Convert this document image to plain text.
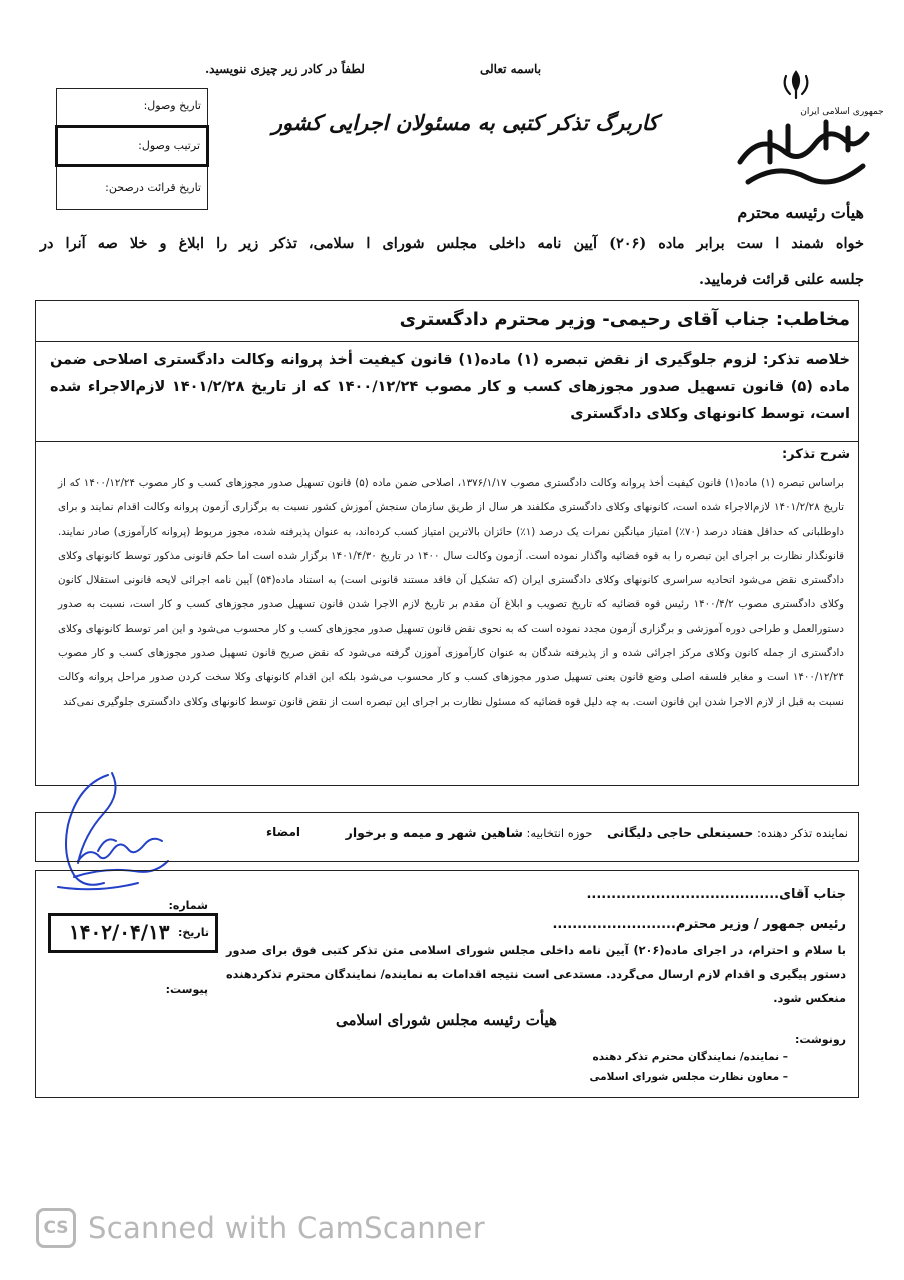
جمهوری اسلامی ایران
باسمه تعالی
لطفاً در کادر زیر چیزی ننویسید.
کاربرگ تذکر کتبی به مسئولان اجرایی کشور
تاریخ وصول:
ترتیب وصول:
تاریخ قرائت درصحن:
هیأت رئیسه محترم
خواه شمند ا ست برابر ماده (۲۰۶) آیین نامه داخلی مجلس شورای ا سلامی، تذکر زیر را ابلاغ و خلا صه آنرا در
جلسه علنی قرائت فرمایید.
مخاطب: جناب آقای رحیمی- وزیر محترم دادگستری
خلاصه تذکر: لزوم جلوگیری از نقض تبصره (۱) ماده(۱) قانون کیفیت أخذ پروانه وکالت دادگستری اصلاحی ضمن ماده (۵) قانون تسهیل صدور مجوزهای کسب و کار مصوب ۱۴۰۰/۱۲/۲۴ که از تاریخ ۱۴۰۱/۲/۲۸ لازم‌الاجراء شده است، توسط کانونهای وکلای دادگستری
شرح تذکر:
براساس تبصره (۱) ماده(۱) قانون کیفیت أخذ پروانه وکالت دادگستری مصوب ۱۳۷۶/۱/۱۷، اصلاحی ضمن ماده (۵) قانون تسهیل صدور مجوزهای کسب و کار مصوب ۱۴۰۰/۱۲/۲۴ که از تاریخ ۱۴۰۱/۲/۲۸ لازم‌الاجراء شده است، کانونهای وکلای دادگستری مکلفند هر سال از طریق سازمان سنجش آموزش کشور نسبت به برگزاری آزمون پروانه وکالت اقدام نمایند و برای داوطلبانی که حداقل هفتاد درصد (۷۰٪) امتیاز میانگین نمرات یک درصد (۱٪) حائزان بالاترین امتیاز کسب کرده‌اند، به عنوان پذیرفته شده، مجوز مربوط (پروانه کارآموزی) صادر نمایند. قانونگذار نظارت بر اجرای این تبصره را به قوه قضائیه واگذار نموده است. آزمون وکالت سال ۱۴۰۰ در تاریخ ۱۴۰۱/۴/۳۰ برگزار شده است اما حکم قانونی مذکور توسط کانونهای وکلای دادگستری نقض می‌شود اتحادیه سراسری کانونهای وکلای دادگستری ایران (که تشکیل آن فاقد مستند قانونی است) به استناد ماده(۵۴) آیین نامه اجرائی لایحه قانونی استقلال کانون وکلای دادگستری مصوب ۱۴۰۰/۴/۲ رئیس قوه قضائیه که تاریخ تصویب و ابلاغ آن مقدم بر تاریخ لازم الاجرا شدن قانون تسهیل صدور مجوزهای کسب و کار است، نسبت به صدور دستورالعمل و طراحی دوره آموزشی و برگزاری آزمون مجدد نموده است که به نحوی نقض قانون تسهیل صدور مجوزهای کسب و کار محسوب می‌شود و این امر توسط کانونهای وکلای دادگستری از جمله کانون وکلای مرکز اجرائی شده و از پذیرفته شدگان به عنوان کارآموزی آموزن گرفته می‌شود که نقض صریح قانون تسهیل صدور مجوزهای کسب و کار مصوب ۱۴۰۰/۱۲/۲۴ است و مغایر فلسفه اصلی وضع قانون یعنی تسهیل صدور مجوزهای کسب و کار محسوب می‌شود بلکه این اقدام کانونهای وکلا سخت کردن صدور مراحل پروانه وکالت نسبت به قبل از لازم الاجرا شدن این قانون است. به چه دلیل قوه قضائیه که مسئول نظارت بر اجرای این تبصره است از نقض قانون توسط کانونهای وکلای دادگستری جلوگیری نمی‌کند
نماینده تذکر دهنده: حسینعلی حاجی دلیگانی    حوزه انتخابیه: شاهین شهر و میمه و برخوار
امضاء
شماره:
تاریخ:
۱۴۰۲/۰۴/۱۳
پیوست:
جناب آقای.......................................
رئیس جمهور / وزیر محترم.........................
با سلام و احترام، در اجرای ماده(۲۰۶) آیین نامه داخلی مجلس شورای اسلامی متن تذکر کتبی فوق برای صدور دستور پیگیری و اقدام لازم ارسال می‌گردد. مستدعی است نتیجه اقدامات به نماینده/ نمایندگان محترم تذکردهنده منعکس شود.
هیأت رئیسه مجلس شورای اسلامی
رونوشت:
– نماینده/ نمایندگان محترم تذکر دهنده
– معاون نظارت مجلس شورای اسلامی
CS Scanned with CamScanner
